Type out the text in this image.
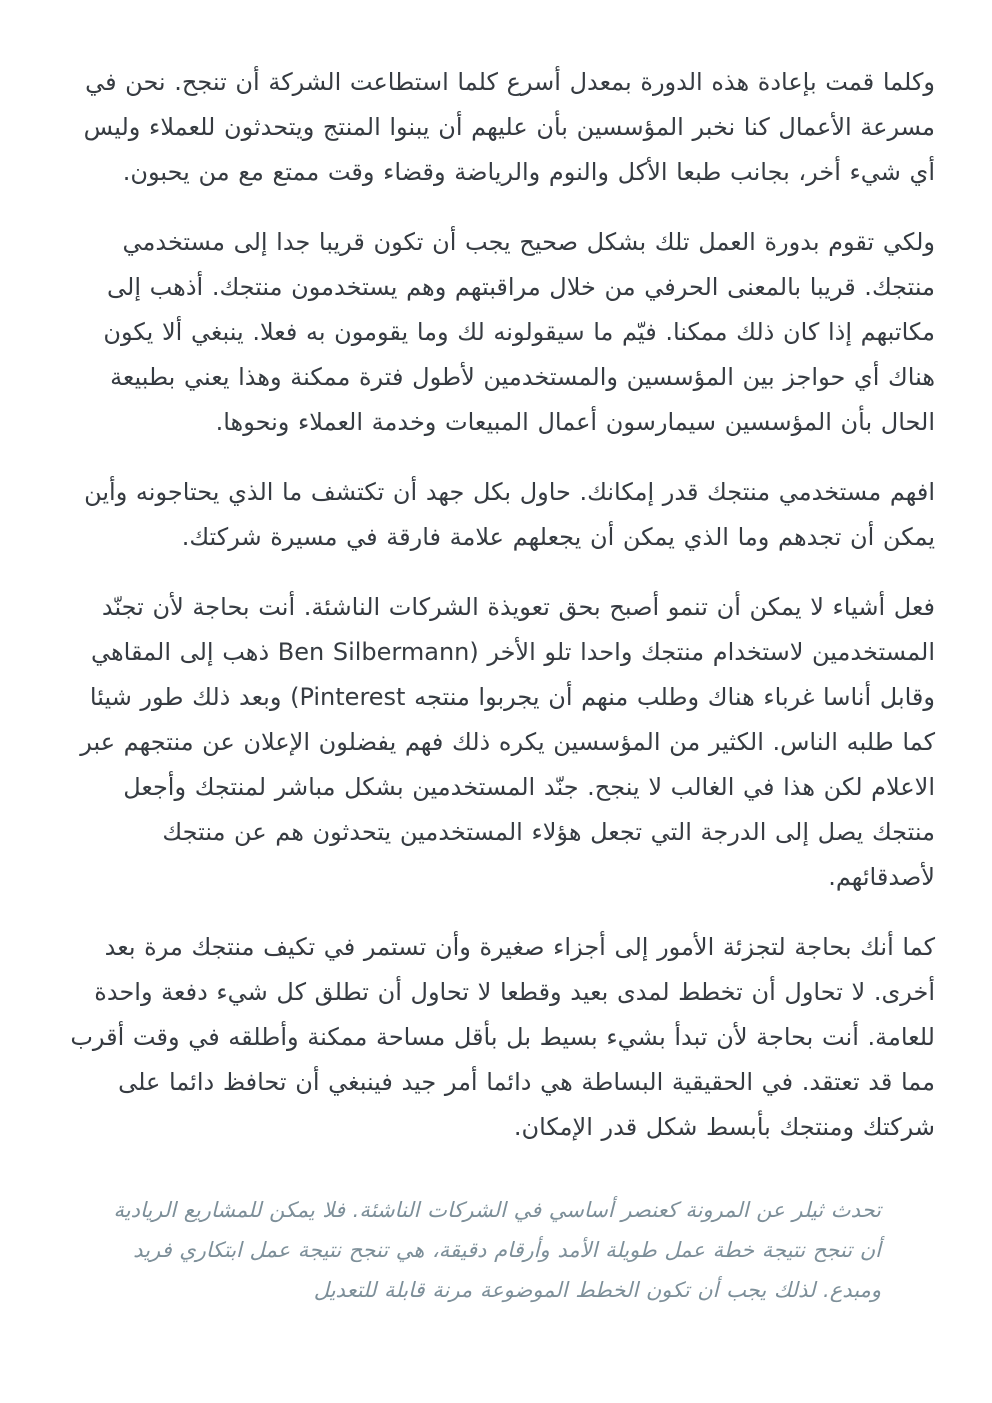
وكلما قمت بإعادة هذه الدورة بمعدل أسرع كلما استطاعت الشركة أن تنجح. نحن في مسرعة الأعمال كنا نخبر المؤسسين بأن عليهم أن يبنوا المنتج ويتحدثون للعملاء وليس أي شيء أخر، بجانب طبعا الأكل والنوم والرياضة وقضاء وقت ممتع مع من يحبون.

ولكي تقوم بدورة العمل تلك بشكل صحيح يجب أن تكون قريبا جدا إلى مستخدمي منتجك. قريبا بالمعنى الحرفي من خلال مراقبتهم وهم يستخدمون منتجك. أذهب إلى مكاتبهم إذا كان ذلك ممكنا. فيّم ما سيقولونه لك وما يقومون به فعلا. ينبغي ألا يكون هناك أي حواجز بين المؤسسين والمستخدمين لأطول فترة ممكنة وهذا يعني بطبيعة الحال بأن المؤسسين سيمارسون أعمال المبيعات وخدمة العملاء ونحوها.

افهم مستخدمي منتجك قدر إمكانك. حاول بكل جهد أن تكتشف ما الذي يحتاجونه وأين يمكن أن تجدهم وما الذي يمكن أن يجعلهم علامة فارقة في مسيرة شركتك.

فعل أشياء لا يمكن أن تنمو أصبح بحق تعويذة الشركات الناشئة. أنت بحاجة لأن تجنّد المستخدمين لاستخدام منتجك واحدا تلو الأخر (Ben Silbermann ذهب إلى المقاهي وقابل أناسا غرباء هناك وطلب منهم أن يجربوا منتجه Pinterest) وبعد ذلك طور شيئا كما طلبه الناس. الكثير من المؤسسين يكره ذلك فهم يفضلون الإعلان عن منتجهم عبر الاعلام لكن هذا في الغالب لا ينجح. جنّد المستخدمين بشكل مباشر لمنتجك وأجعل منتجك يصل إلى الدرجة التي تجعل هؤلاء المستخدمين يتحدثون هم عن منتجك لأصدقائهم.

كما أنك بحاجة لتجزئة الأمور إلى أجزاء صغيرة وأن تستمر في تكيف منتجك مرة بعد أخرى. لا تحاول أن تخطط لمدى بعيد وقطعا لا تحاول أن تطلق كل شيء دفعة واحدة للعامة. أنت بحاجة لأن تبدأ بشيء بسيط بل بأقل مساحة ممكنة وأطلقه في وقت أقرب مما قد تعتقد. في الحقيقية البساطة هي دائما أمر جيد فينبغي أن تحافظ دائما على شركتك ومنتجك بأبسط شكل قدر الإمكان.

تحدث ثيلر عن المرونة كعنصر أساسي في الشركات الناشئة. فلا يمكن للمشاريع الريادية أن تنجح نتيجة خطة عمل طويلة الأمد وأرقام دقيقة، هي تنجح نتيجة عمل ابتكاري فريد ومبدع. لذلك يجب أن تكون الخطط الموضوعة مرنة قابلة للتعديل
